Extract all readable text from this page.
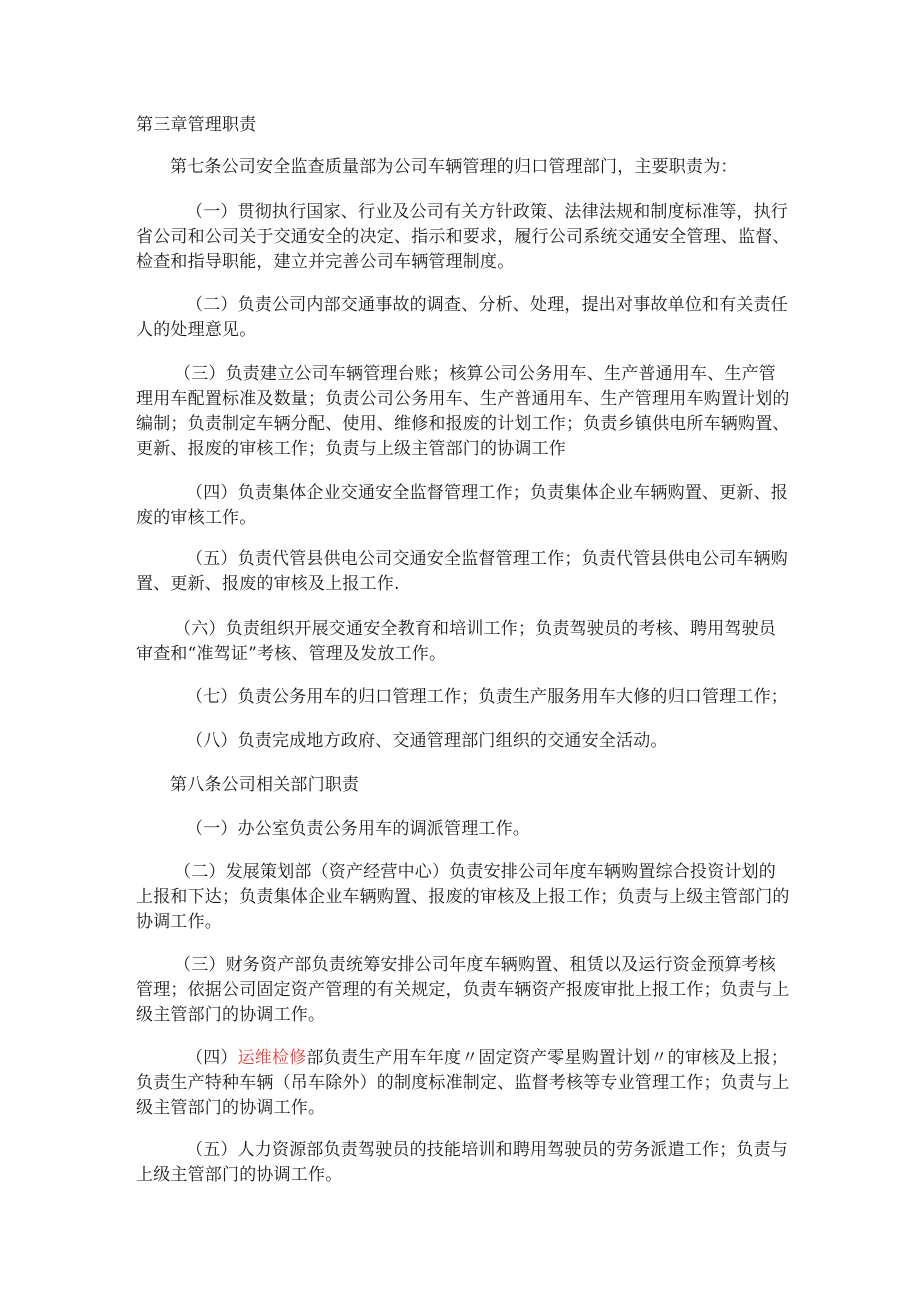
第三章管理职责

第七条公司安全监查质量部为公司车辆管理的归口管理部门，主要职责为：

（一）贯彻执行国家、行业及公司有关方针政策、法律法规和制度标准等，执行省公司和公司关于交通安全的决定、指示和要求，履行公司系统交通安全管理、监督、检查和指导职能，建立并完善公司车辆管理制度。

（二）负责公司内部交通事故的调查、分析、处理，提出对事故单位和有关责任人的处理意见。

（三）负责建立公司车辆管理台账；核算公司公务用车、生产普通用车、生产管理用车配置标准及数量；负责公司公务用车、生产普通用车、生产管理用车购置计划的编制；负责制定车辆分配、使用、维修和报废的计划工作；负责乡镇供电所车辆购置、更新、报废的审核工作；负责与上级主管部门的协调工作

（四）负责集体企业交通安全监督管理工作；负责集体企业车辆购置、更新、报废的审核工作。

（五）负责代管县供电公司交通安全监督管理工作；负责代管县供电公司车辆购置、更新、报废的审核及上报工作.

（六）负责组织开展交通安全教育和培训工作；负责驾驶员的考核、聘用驾驶员审查和“准驾证”考核、管理及发放工作。

（七）负责公务用车的归口管理工作；负责生产服务用车大修的归口管理工作；

（八）负责完成地方政府、交通管理部门组织的交通安全活动。

第八条公司相关部门职责

（一）办公室负责公务用车的调派管理工作。

（二）发展策划部（资产经营中心）负责安排公司年度车辆购置综合投资计划的上报和下达；负责集体企业车辆购置、报废的审核及上报工作；负责与上级主管部门的协调工作。

（三）财务资产部负责统筹安排公司年度车辆购置、租赁以及运行资金预算考核管理；依据公司固定资产管理的有关规定，负责车辆资产报废审批上报工作；负责与上级主管部门的协调工作。

（四）运维检修部负责生产用车年度〃固定资产零星购置计划〃的审核及上报；负责生产特种车辆（吊车除外）的制度标准制定、监督考核等专业管理工作；负责与上级主管部门的协调工作。

（五）人力资源部负责驾驶员的技能培训和聘用驾驶员的劳务派遣工作；负责与上级主管部门的协调工作。
